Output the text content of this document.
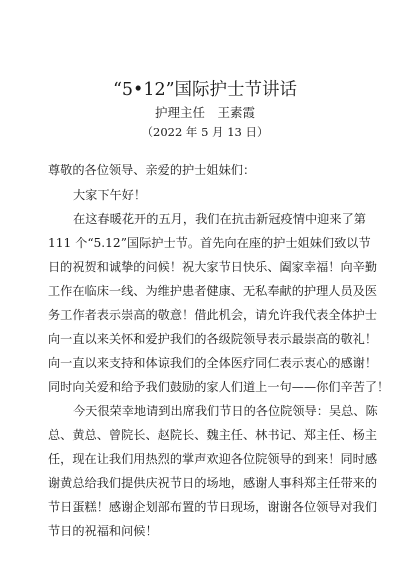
“5•12”国际护士节讲话
护理主任　王素霞
（2022 年 5 月 13 日）
尊敬的各位领导、亲爱的护士姐妹们：
大家下午好！
在这春暖花开的五月，我们在抗击新冠疫情中迎来了第
111 个“5.12”国际护士节。首先向在座的护士姐妹们致以节
日的祝贺和诚挚的问候！祝大家节日快乐、阖家幸福！向辛勤
工作在临床一线、为维护患者健康、无私奉献的护理人员及医
务工作者表示崇高的敬意！借此机会，请允许我代表全体护士
向一直以来关怀和爱护我们的各级院领导表示最崇高的敬礼！
向一直以来支持和体谅我们的全体医疗同仁表示衷心的感谢！
同时向关爱和给予我们鼓励的家人们道上一句——你们辛苦了！
今天很荣幸地请到出席我们节日的各位院领导：吴总、陈
总、黄总、曾院长、赵院长、魏主任、林书记、郑主任、杨主
任，现在让我们用热烈的掌声欢迎各位院领导的到来！同时感
谢黄总给我们提供庆祝节日的场地，感谢人事科郑主任带来的
节日蛋糕！感谢企划部布置的节日现场，谢谢各位领导对我们
节日的祝福和问候！
